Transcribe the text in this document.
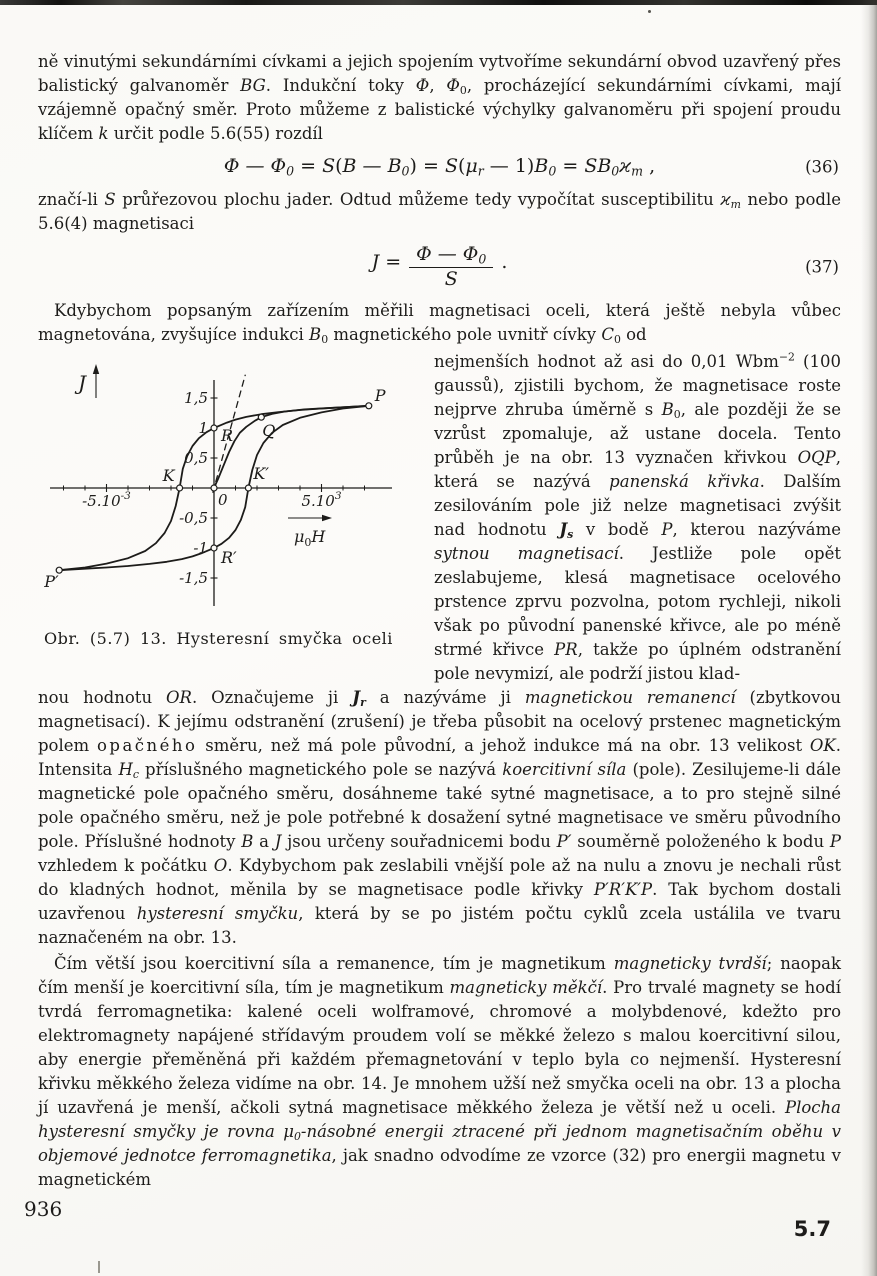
ně vinutými sekundárními cívkami a jejich spojením vytvoříme sekundární obvod uzavřený přes balistický galvanoměr BG. Indukční toky Φ, $\Phi_0$, procházející sekundárními cívkami, mají vzájemně opačný směr. Proto můžeme z balistické výchylky galvanoměru při spojení proudu klíčem k určit podle 5.6(55) rozdíl

Φ — $\Phi_0 = S(B$ — $B_0) = S(\mu_r$ — $1)B_0 = SB_0ϰ_m$ ,	(36)

značí-li S průřezovou plochu jader. Odtud můžeme tedy vypočítat susceptibilitu $ϰ_m$ nebo podle 5.6(4) magnetisaci

$J = \frac{\Phi — \Phi_0}{S}$ .	(37)

Kdybychom popsaným zařízením měřili magnetisaci oceli, která ještě nebyla vůbec magnetována, zvyšujíce indukci $B_0$ magnetického pole uvnitř cívky $C_0$ od

$-5.10^{-3}$	5.10$^3$
1,5
1
0,5
-0,5
-1
-1,5
0
P
Q
R
K	K′
R′
P′
J
$\mu_0H$
Obr. (5.7) 13. Hysteresní smyčka oceli

nejmenších hodnot až asi do 0,01 Wbm$^{-2}$ (100 gaussů), zjistili bychom, že magnetisace roste nejprve zhruba úměrně s $B_0$, ale později že se vzrůst zpomaluje, až ustane docela. Tento průběh je na obr. 13 vyznačen křivkou OQP, která se nazývá panenská křivka. Dalším zesilováním pole již nelze magnetisaci zvýšit nad hodnotu $J_s$ v bodě P, kterou nazýváme sytnou magnetisací. Jestliže pole opět zeslabujeme, klesá magnetisace ocelového prstence zprvu pozvolna, potom rychleji, nikoli však po původní panenské křivce, ale po méně strmé křivce PR, takže po úplném odstranění pole nevymizí, ale podrží jistou klad-

nou hodnotu OR. Označujeme ji $J_r$ a nazýváme ji magnetickou remanencí (zbytkovou magnetisací). K jejímu odstranění (zrušení) je třeba působit na ocelový prstenec magnetickým polem opačného směru, než má pole původní, a jehož indukce má na obr. 13 velikost OK. Intensita $H_c$ příslušného magnetického pole se nazývá koercitivní síla (pole). Zesilujeme-li dále magnetické pole opačného směru, dosáhneme také sytné magnetisace, a to pro stejně silné pole opačného směru, než je pole potřebné k dosažení sytné magnetisace ve směru původního pole. Příslušné hodnoty B a J jsou určeny souřadnicemi bodu P′ souměrně položeného k bodu P vzhledem k počátku O. Kdybychom pak zeslabili vnější pole až na nulu a znovu je nechali růst do kladných hodnot, měnila by se magnetisace podle křivky P′R′K′P. Tak bychom dostali uzavřenou hysteresní smyčku, která by se po jistém počtu cyklů zcela ustálila ve tvaru naznačeném na obr. 13.

Čím větší jsou koercitivní síla a remanence, tím je magnetikum magneticky tvrdší; naopak čím menší je koercitivní síla, tím je magnetikum magneticky měkčí. Pro trvalé magnety se hodí tvrdá ferromagnetika: kalené oceli wolframové, chromové a molybdenové, kdežto pro elektromagnety napájené střídavým proudem volí se měkké železo s malou koercitivní silou, aby energie přeměněná při každém přemagnetování v teplo byla co nejmenší. Hysteresní křivku měkkého železa vidíme na obr. 14. Je mnohem užší než smyčka oceli na obr. 13 a plocha jí uzavřená je menší, ačkoli sytná magnetisace měkkého železa je větší než u oceli. Plocha hysteresní smyčky je rovna $\mu_0$-násobné energii ztracené při jednom magnetisačním oběhu v objemové jednotce ferromagnetika, jak snadno odvodíme ze vzorce (32) pro energii magnetu v magnetickém

936
5.7
